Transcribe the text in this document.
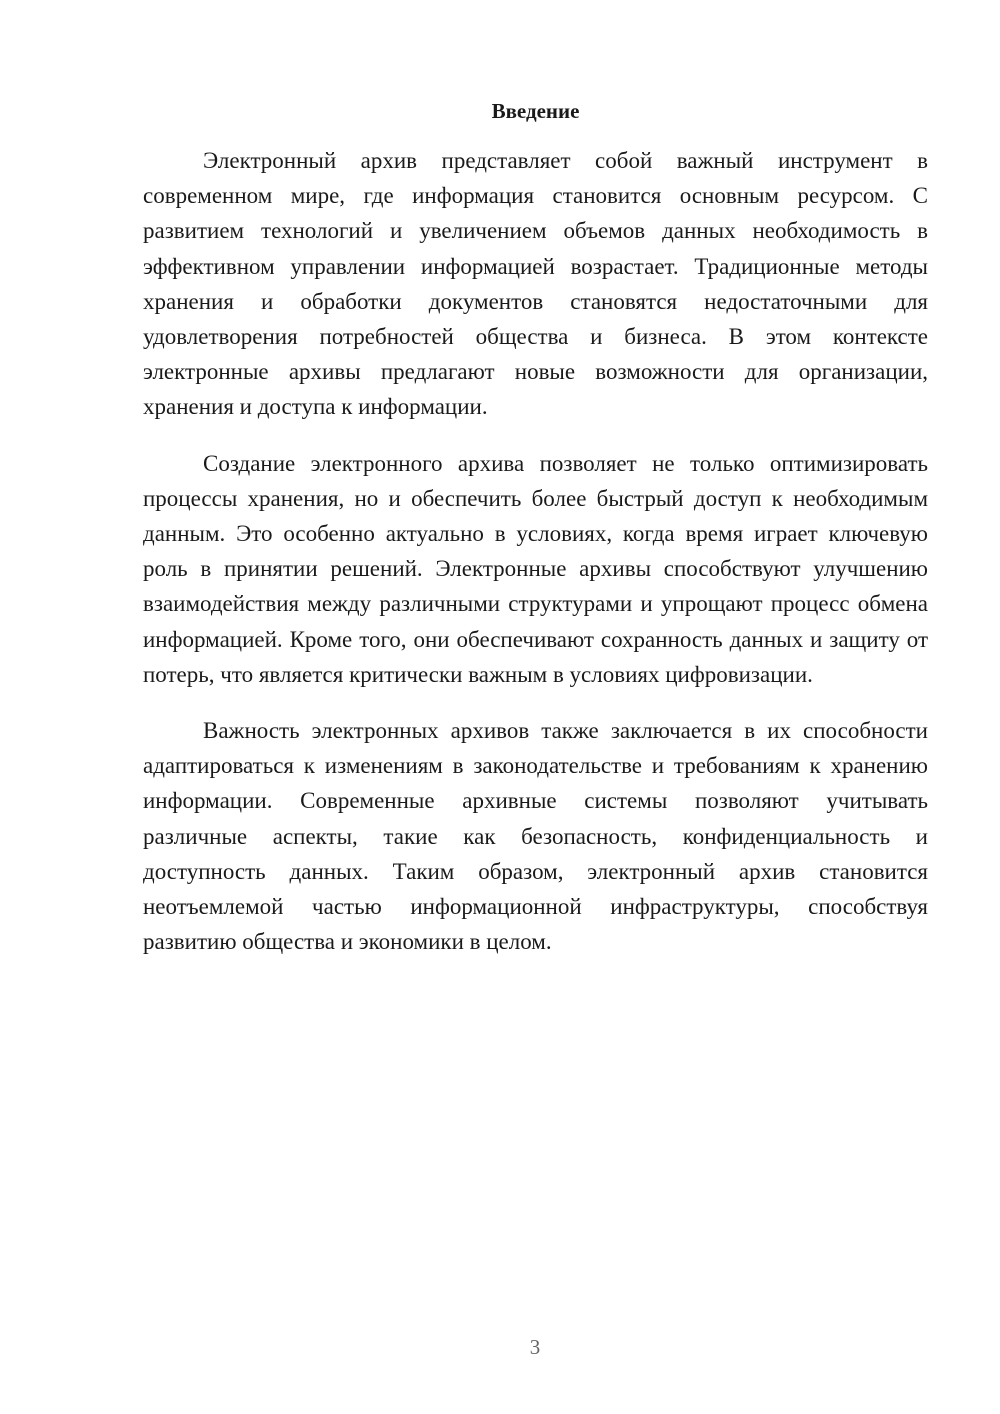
Введение

Электронный архив представляет собой важный инструмент в современном мире, где информация становится основным ресурсом. С развитием технологий и увеличением объемов данных необходимость в эффективном управлении информацией возрастает. Традиционные методы хранения и обработки документов становятся недостаточными для удовлетворения потребностей общества и бизнеса. В этом контексте электронные архивы предлагают новые возможности для организации, хранения и доступа к информации.

Создание электронного архива позволяет не только оптимизировать процессы хранения, но и обеспечить более быстрый доступ к необходимым данным. Это особенно актуально в условиях, когда время играет ключевую роль в принятии решений. Электронные архивы способствуют улучшению взаимодействия между различными структурами и упрощают процесс обмена информацией. Кроме того, они обеспечивают сохранность данных и защиту от потерь, что является критически важным в условиях цифровизации.

Важность электронных архивов также заключается в их способности адаптироваться к изменениям в законодательстве и требованиям к хранению информации. Современные архивные системы позволяют учитывать различные аспекты, такие как безопасность, конфиденциальность и доступность данных. Таким образом, электронный архив становится неотъемлемой частью информационной инфраструктуры, способствуя развитию общества и экономики в целом.

3
